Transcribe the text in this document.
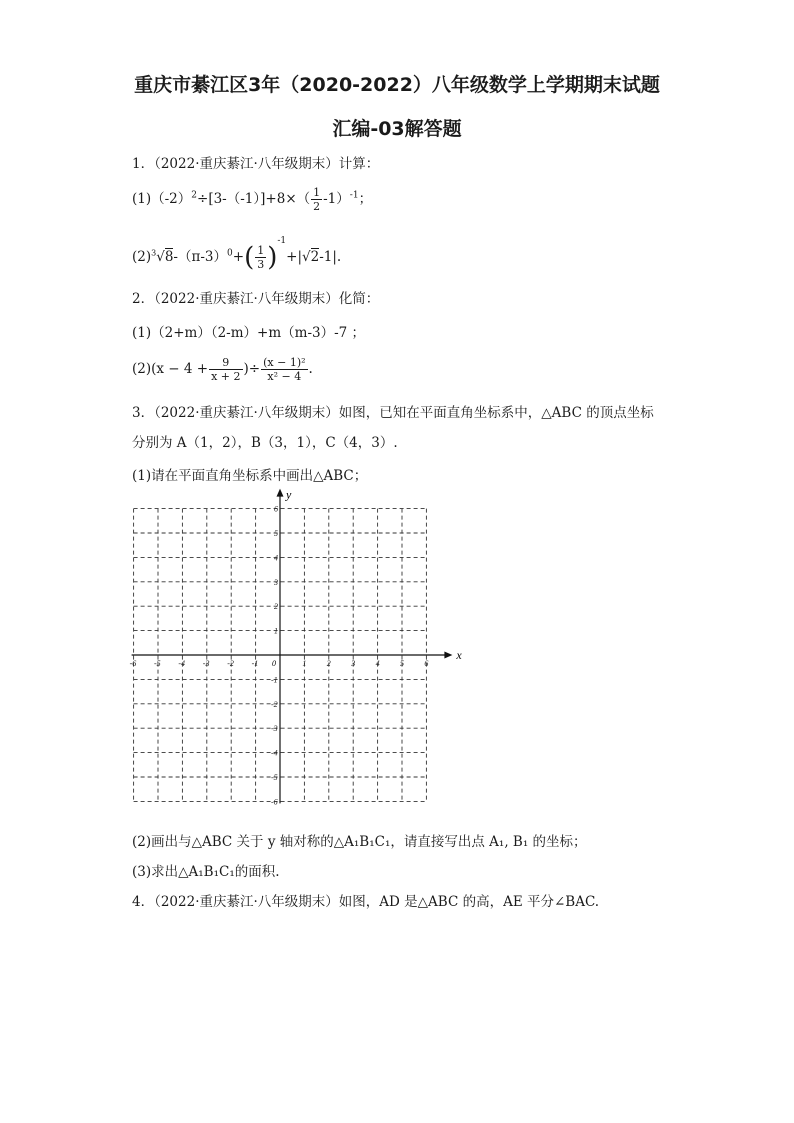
重庆市綦江区3年（2020-2022）八年级数学上学期期末试题
汇编-03解答题
1．（2022·重庆綦江·八年级期末）计算：
$(1)(-2)^2\div[3-(-1)]+8\times( \frac{1}{2} -1)^{-1}$；
$(2)^3√8-(\pi-3)^0+( \frac{1}{3} )^{-1}+|√2-1|$.
2．（2022·重庆綦江·八年级期末）化简：
(1)（2+m）（2-m）+m（m-3）-7 ；
$(2)(x - 4 + \frac{9}{x + 2}$ )÷ $\frac{\text{(x − 1)²}}{\text{x² − 4}}$ .
3．（2022·重庆綦江·八年级期末）如图，已知在平面直角坐标系中，△ABC 的顶点坐标
分别为 A（1，2），B（3，1），C（4，3）.
(1)请在平面直角坐标系中画出△ABC；
x
y
0
-6 -5 -4 -3 -2 -1	1	2	3	4	5	6
6
5
4
3
2
1
-1
-2
-3
-4
-5
-6
(2)画出与△ABC 关于 y 轴对称的△A₁B₁C₁，请直接写出点 A₁, B₁ 的坐标；
(3)求出△A₁B₁C₁的面积.
4．（2022·重庆綦江·八年级期末）如图，AD 是△ABC 的高，AE 平分∠BAC.
